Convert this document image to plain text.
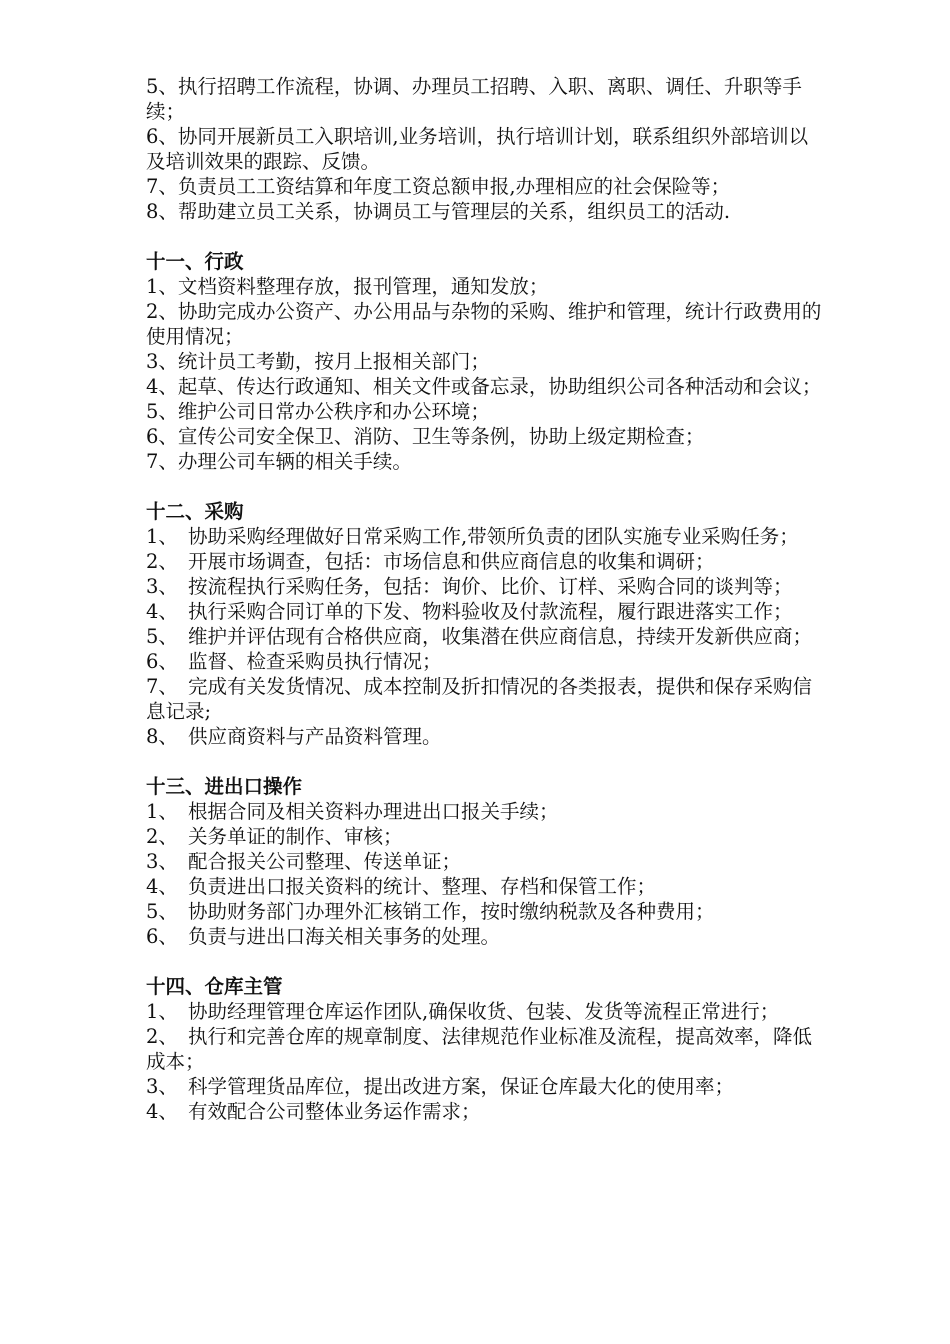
5、执行招聘工作流程，协调、办理员工招聘、入职、离职、调任、升职等手续；
6、协同开展新员工入职培训,业务培训，执行培训计划，联系组织外部培训以及培训效果的跟踪、反馈。
7、负责员工工资结算和年度工资总额申报,办理相应的社会保险等；
8、帮助建立员工关系，协调员工与管理层的关系，组织员工的活动.
十一、行政
1、文档资料整理存放，报刊管理，通知发放；
2、协助完成办公资产、办公用品与杂物的采购、维护和管理，统计行政费用的使用情况；
3、统计员工考勤，按月上报相关部门；
4、起草、传达行政通知、相关文件或备忘录，协助组织公司各种活动和会议；
5、维护公司日常办公秩序和办公环境；
6、宣传公司安全保卫、消防、卫生等条例，协助上级定期检查；
7、办理公司车辆的相关手续。
十二、采购
1、 协助采购经理做好日常采购工作,带领所负责的团队实施专业采购任务；
2、 开展市场调查，包括：市场信息和供应商信息的收集和调研；
3、 按流程执行采购任务，包括：询价、比价、订样、采购合同的谈判等；
4、 执行采购合同订单的下发、物料验收及付款流程，履行跟进落实工作；
5、 维护并评估现有合格供应商，收集潜在供应商信息，持续开发新供应商；
6、 监督、检查采购员执行情况；
7、 完成有关发货情况、成本控制及折扣情况的各类报表，提供和保存采购信息记录;
8、 供应商资料与产品资料管理。
十三、进出口操作
1、 根据合同及相关资料办理进出口报关手续；
2、 关务单证的制作、审核；
3、 配合报关公司整理、传送单证；
4、 负责进出口报关资料的统计、整理、存档和保管工作；
5、 协助财务部门办理外汇核销工作，按时缴纳税款及各种费用；
6、 负责与进出口海关相关事务的处理。
十四、仓库主管
1、 协助经理管理仓库运作团队,确保收货、包装、发货等流程正常进行；
2、 执行和完善仓库的规章制度、法律规范作业标准及流程，提高效率，降低成本；
3、 科学管理货品库位，提出改进方案，保证仓库最大化的使用率；
4、 有效配合公司整体业务运作需求；
